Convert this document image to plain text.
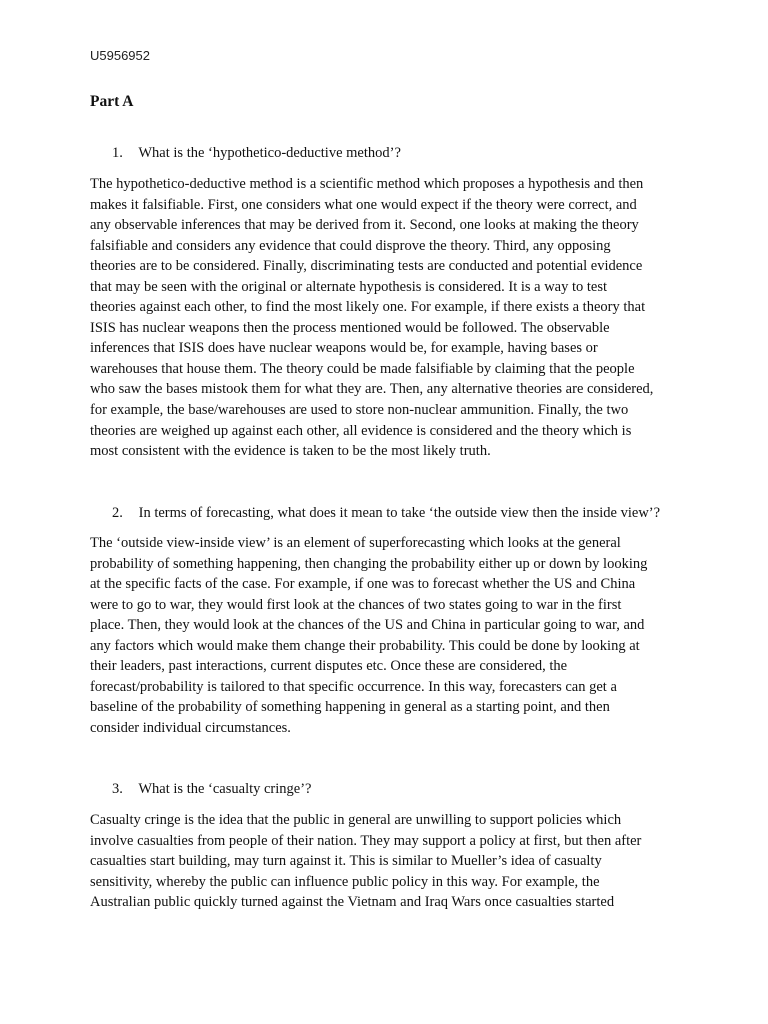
U5956952
Part A
1. What is the ‘hypothetico-deductive method’?
The hypothetico-deductive method is a scientific method which proposes a hypothesis and then
makes it falsifiable. First, one considers what one would expect if the theory were correct, and
any observable inferences that may be derived from it. Second, one looks at making the theory
falsifiable and considers any evidence that could disprove the theory. Third, any opposing
theories are to be considered. Finally, discriminating tests are conducted and potential evidence
that may be seen with the original or alternate hypothesis is considered. It is a way to test
theories against each other, to find the most likely one. For example, if there exists a theory that
ISIS has nuclear weapons then the process mentioned would be followed. The observable
inferences that ISIS does have nuclear weapons would be, for example, having bases or
warehouses that house them. The theory could be made falsifiable by claiming that the people
who saw the bases mistook them for what they are. Then, any alternative theories are considered,
for example, the base/warehouses are used to store non-nuclear ammunition. Finally, the two
theories are weighed up against each other, all evidence is considered and the theory which is
most consistent with the evidence is taken to be the most likely truth.
2. In terms of forecasting, what does it mean to take ‘the outside view then the inside view’?
The ‘outside view-inside view’ is an element of superforecasting which looks at the general
probability of something happening, then changing the probability either up or down by looking
at the specific facts of the case. For example, if one was to forecast whether the US and China
were to go to war, they would first look at the chances of two states going to war in the first
place. Then, they would look at the chances of the US and China in particular going to war, and
any factors which would make them change their probability. This could be done by looking at
their leaders, past interactions, current disputes etc. Once these are considered, the
forecast/probability is tailored to that specific occurrence. In this way, forecasters can get a
baseline of the probability of something happening in general as a starting point, and then
consider individual circumstances.
3. What is the ‘casualty cringe’?
Casualty cringe is the idea that the public in general are unwilling to support policies which
involve casualties from people of their nation. They may support a policy at first, but then after
casualties start building, may turn against it. This is similar to Mueller’s idea of casualty
sensitivity, whereby the public can influence public policy in this way. For example, the
Australian public quickly turned against the Vietnam and Iraq Wars once casualties started
